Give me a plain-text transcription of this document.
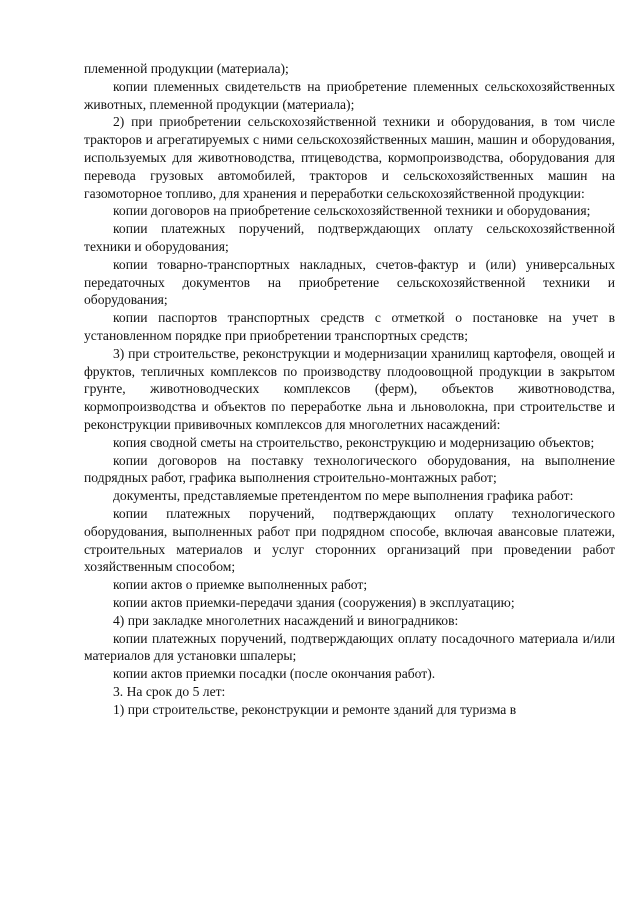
племенной продукции (материала);

копии племенных свидетельств на приобретение племенных сельскохозяйственных животных, племенной продукции (материала);

2) при приобретении сельскохозяйственной техники и оборудования, в том числе тракторов и агрегатируемых с ними сельскохозяйственных машин, машин и оборудования, используемых для животноводства, птицеводства, кормопроизводства, оборудования для перевода грузовых автомобилей, тракторов и сельскохозяйственных машин на газомоторное топливо, для хранения и переработки сельскохозяйственной продукции:

копии договоров на приобретение сельскохозяйственной техники и оборудования;

копии платежных поручений, подтверждающих оплату сельскохозяйственной техники и оборудования;

копии товарно-транспортных накладных, счетов-фактур и (или) универсальных передаточных документов на приобретение сельскохозяйственной техники и оборудования;

копии паспортов транспортных средств с отметкой о постановке на учет в установленном порядке при приобретении транспортных средств;

3) при строительстве, реконструкции и модернизации хранилищ картофеля, овощей и фруктов, тепличных комплексов по производству плодоовощной продукции в закрытом грунте, животноводческих комплексов (ферм), объектов животноводства, кормопроизводства и объектов по переработке льна и льноволокна, при строительстве и реконструкции прививочных комплексов для многолетних насаждений:

копия сводной сметы на строительство, реконструкцию и модернизацию объектов;

копии договоров на поставку технологического оборудования, на выполнение подрядных работ, графика выполнения строительно-монтажных работ;

документы, представляемые претендентом по мере выполнения графика работ:

копии платежных поручений, подтверждающих оплату технологического оборудования, выполненных работ при подрядном способе, включая авансовые платежи, строительных материалов и услуг сторонних организаций при проведении работ хозяйственным способом;

копии актов о приемке выполненных работ;

копии актов приемки-передачи здания (сооружения) в эксплуатацию;

4) при закладке многолетних насаждений и виноградников:

копии платежных поручений, подтверждающих оплату посадочного материала и/или материалов для установки шпалеры;

копии актов приемки посадки (после окончания работ).

3. На срок до 5 лет:

1) при строительстве, реконструкции и ремонте зданий для туризма в
